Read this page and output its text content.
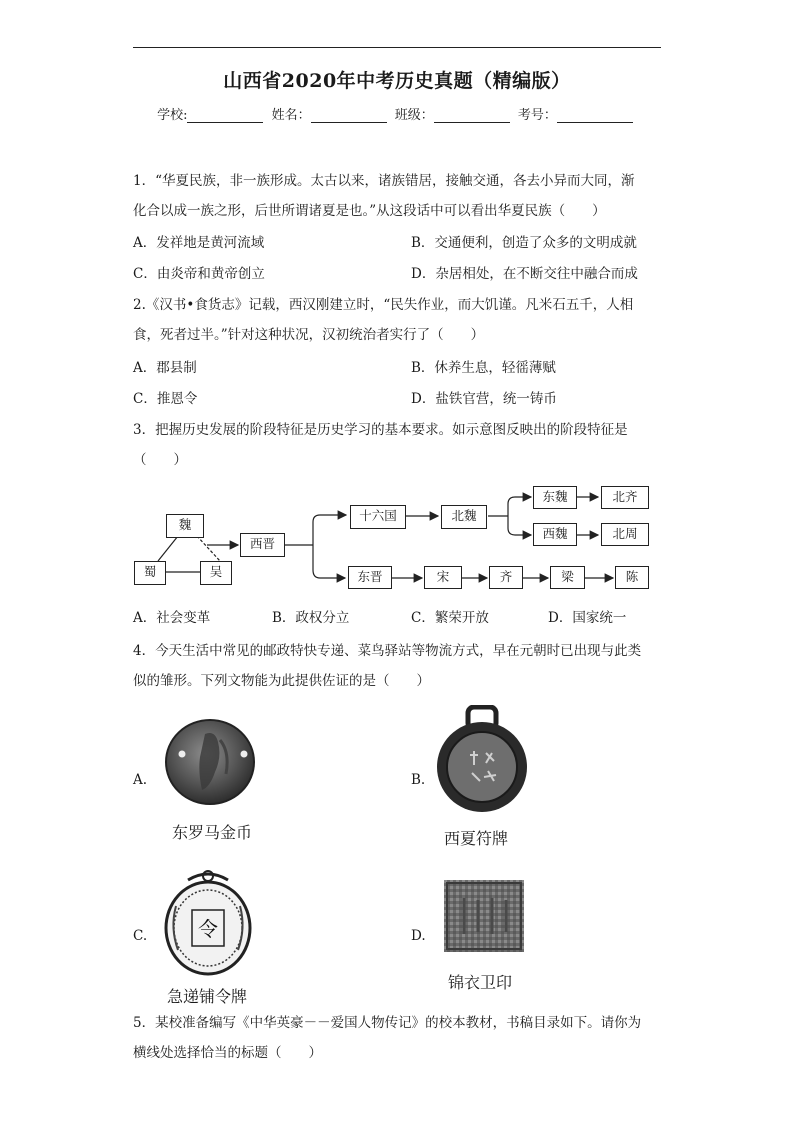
山西省2020年中考历史真题（精编版）
学校:	姓名：	班级：	考号：
1．“华夏民族，非一族形成。太古以来，诸族错居，接触交通，各去小异而大同，渐
化合以成一族之形，后世所谓诸夏是也。”从这段话中可以看出华夏民族（　　）
A．发祥地是黄河流域	B．交通便利，创造了众多的文明成就
C．由炎帝和黄帝创立	D．杂居相处，在不断交往中融合而成
2.《汉书•食货志》记载，西汉刚建立时，“民失作业，而大饥谨。凡米石五千，人相
食，死者过半。”针对这种状况，汉初统治者实行了（　　）
A．郡县制	B．休养生息，轻徭薄赋
C．推恩令	D．盐铁官营，统一铸币
3．把握历史发展的阶段特征是历史学习的基本要求。如示意图反映出的阶段特征是
（　　）
魏
蜀	吴
西晋
十六国	北魏
东魏
西魏
北齐
北周
东晋	宋	齐	梁	陈
A．社会变革	B．政权分立	C．繁荣开放	D．国家统一
4．今天生活中常见的邮政特快专递、菜鸟驿站等物流方式，早在元朝时已出现与此类
似的雏形。下列文物能为此提供佐证的是（　　）
A.
东罗马金币
B.
西夏符牌
C.	令
急递铺令牌
D.
锦衣卫印
5．某校准备编写《中华英豪－－爱国人物传记》的校本教材，书稿目录如下。请你为
横线处选择恰当的标题（　　）
